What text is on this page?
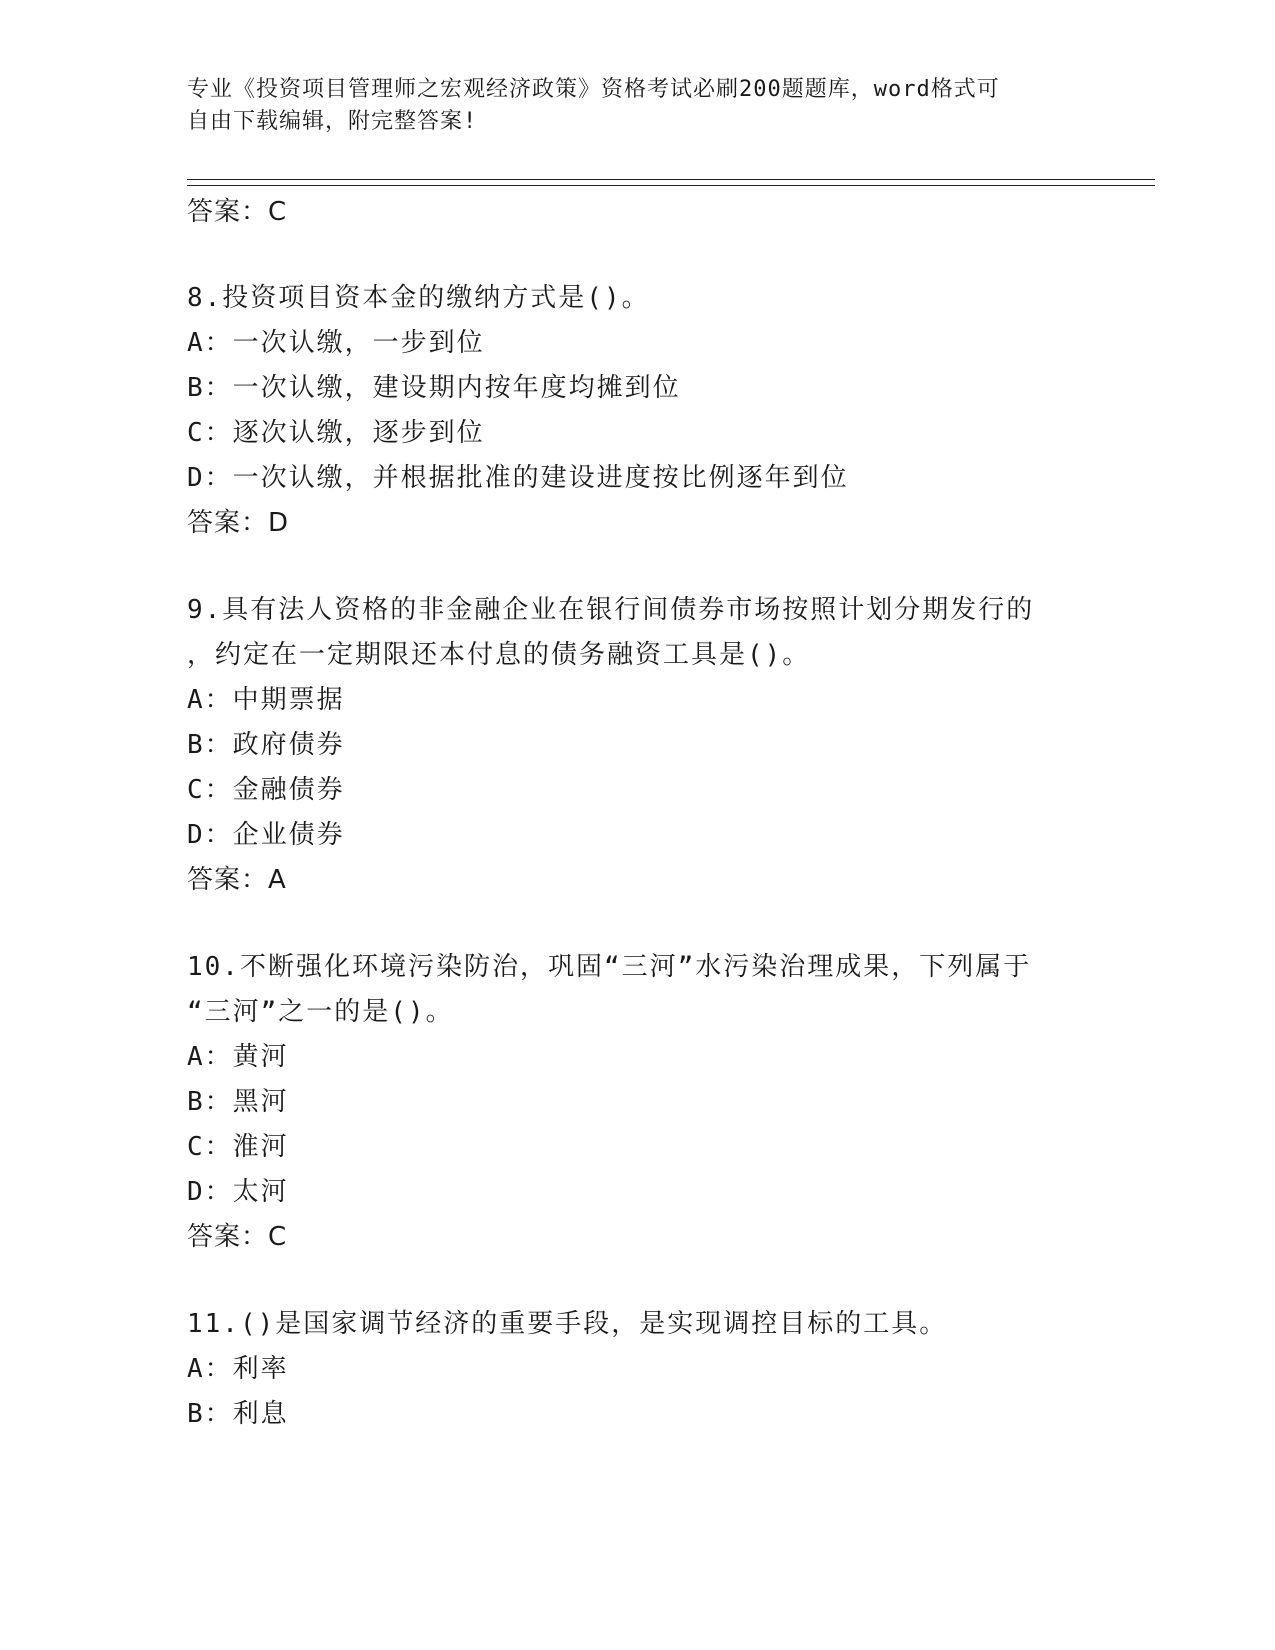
专业《投资项目管理师之宏观经济政策》资格考试必刷200题题库，word格式可
自由下载编辑，附完整答案!
答案：C
8.投资项目资本金的缴纳方式是()。
A：一次认缴，一步到位
B：一次认缴，建设期内按年度均摊到位
C：逐次认缴，逐步到位
D：一次认缴，并根据批准的建设进度按比例逐年到位
答案：D
9.具有法人资格的非金融企业在银行间债券市场按照计划分期发行的
，约定在一定期限还本付息的债务融资工具是()。
A：中期票据
B：政府债券
C：金融债券
D：企业债券
答案：A
10.不断强化环境污染防治，巩固“三河”水污染治理成果，下列属于
“三河”之一的是()。
A：黄河
B：黑河
C：淮河
D：太河
答案：C
11.()是国家调节经济的重要手段，是实现调控目标的工具。
A：利率
B：利息
